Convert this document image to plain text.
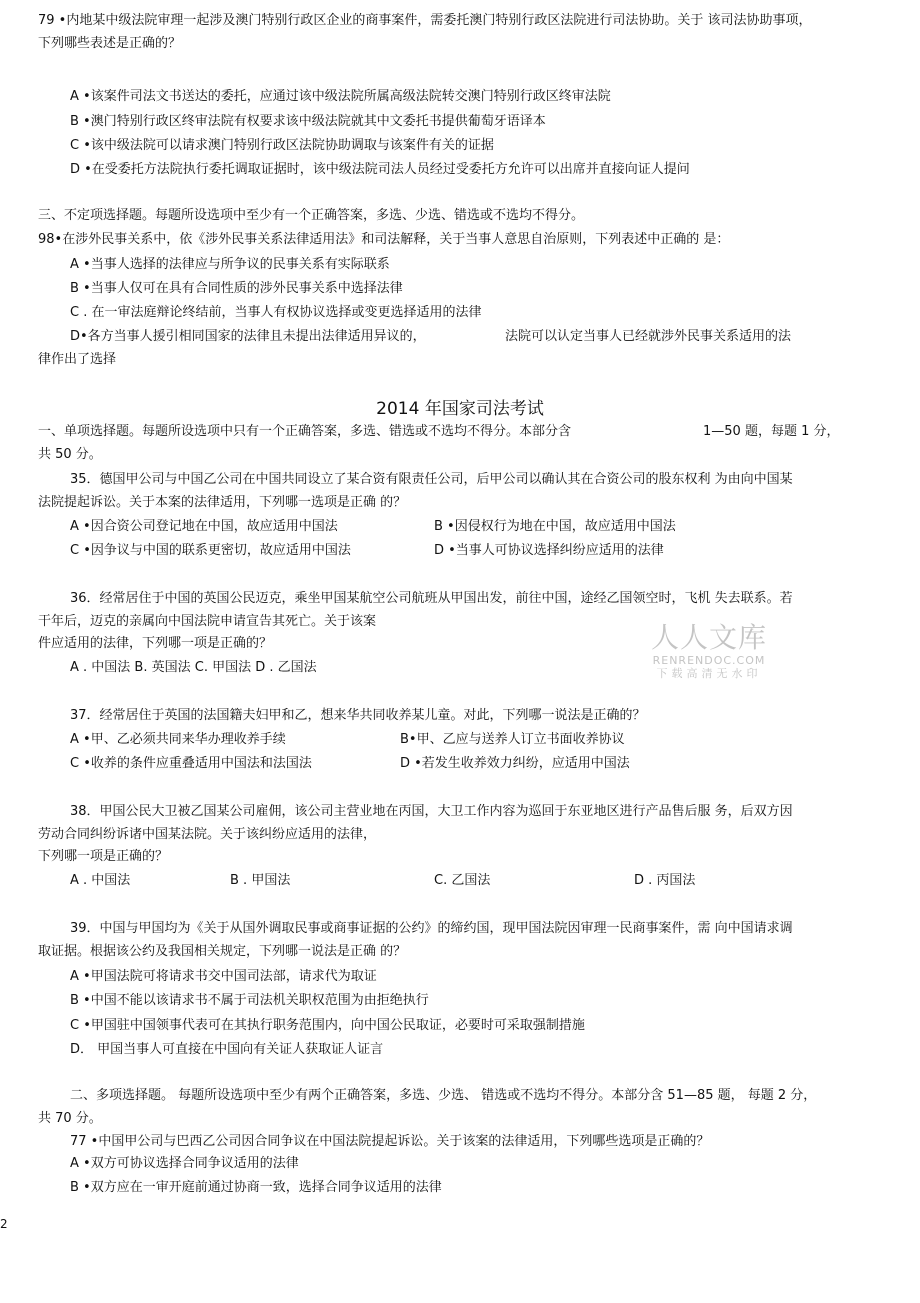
79 •内地某中级法院审理一起涉及澳门特别行政区企业的商事案件，需委托澳门特别行政区法院进行司法协助。关于 该司法协助事项，
下列哪些表述是正确的？
A •该案件司法文书送达的委托，应通过该中级法院所属高级法院转交澳门特别行政区终审法院
B •澳门特别行政区终审法院有权要求该中级法院就其中文委托书提供葡萄牙语译本
C •该中级法院可以请求澳门特别行政区法院协助调取与该案件有关的证据
D •在受委托方法院执行委托调取证据时，该中级法院司法人员经过受委托方允许可以出席并直接向证人提问
三、不定项选择题。每题所设选项中至少有一个正确答案，多选、少选、错选或不选均不得分。
98•在涉外民事关系中，依《涉外民事关系法律适用法》和司法解释，关于当事人意思自治原则，下列表述中正确的 是：
A •当事人选择的法律应与所争议的民事关系有实际联系
B •当事人仅可在具有合同性质的涉外民事关系中选择法律
C . 在一审法庭辩论终结前，当事人有权协议选择或变更选择适用的法律
D•各方当事人援引相同国家的法律且未提出法律适用异议的，	法院可以认定当事人已经就涉外民事关系适用的法
律作出了选择
2014 年国家司法考试
一、单项选择题。每题所设选项中只有一个正确答案，多选、错选或不选均不得分。本部分含	1—50 题，每题 1 分，
共 50 分。
35．德国甲公司与中国乙公司在中国共同设立了某合资有限责任公司，后甲公司以确认其在合资公司的股东权利 为由向中国某
法院提起诉讼。关于本案的法律适用，下列哪一选项是正确 的？
A •因合资公司登记地在中国，故应适用中国法	B •因侵权行为地在中国，故应适用中国法
C •因争议与中国的联系更密切，故应适用中国法	D •当事人可协议选择纠纷应适用的法律
36．经常居住于中国的英国公民迈克，乘坐甲国某航空公司航班从甲国出发，前往中国，途经乙国领空时，飞机 失去联系。若
干年后，迈克的亲属向中国法院申请宣告其死亡。关于该案
件应适用的法律，下列哪一项是正确的？
A . 中国法 B. 英国法 C. 甲国法 D . 乙国法
人人文库
RENRENDOC.COM
下载高清无水印
37．经常居住于英国的法国籍夫妇甲和乙，想来华共同收养某儿童。对此，下列哪一说法是正确的？
A •甲、乙必须共同来华办理收养手续	B•甲、乙应与送养人订立书面收养协议
C •收养的条件应重叠适用中国法和法国法	D •若发生收养效力纠纷，应适用中国法
38．甲国公民大卫被乙国某公司雇佣，该公司主营业地在丙国，大卫工作内容为巡回于东亚地区进行产品售后服 务，后双方因
劳动合同纠纷诉诸中国某法院。关于该纠纷应适用的法律，
下列哪一项是正确的？
A . 中国法	B . 甲国法	C. 乙国法	D . 丙国法
39．中国与甲国均为《关于从国外调取民事或商事证据的公约》的缔约国，现甲国法院因审理一民商事案件，需 向中国请求调
取证据。根据该公约及我国相关规定，下列哪一说法是正确 的？
A •甲国法院可将请求书交中国司法部，请求代为取证
B •中国不能以该请求书不属于司法机关职权范围为由拒绝执行
C •甲国驻中国领事代表可在其执行职务范围内，向中国公民取证，必要时可采取强制措施
D． 甲国当事人可直接在中国向有关证人获取证人证言
二、多项选择题。 每题所设选项中至少有两个正确答案，多选、少选、 错选或不选均不得分。本部分含 51—85 题， 每题 2 分，
共 70 分。
77 •中国甲公司与巴西乙公司因合同争议在中国法院提起诉讼。关于该案的法律适用，下列哪些选项是正确的？
A •双方可协议选择合同争议适用的法律
B •双方应在一审开庭前通过协商一致，选择合同争议适用的法律
2
